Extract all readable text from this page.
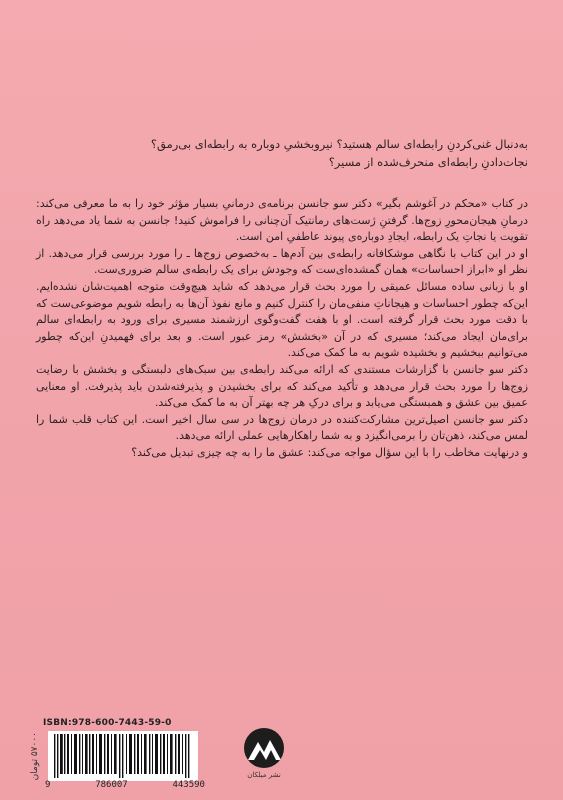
به‌دنبال غنی‌کردنِ رابطه‌ای سالم هستید؟ نیروبخشیِ دوباره به رابطه‌ای بی‌رمق؟
نجات‌دادنِ رابطه‌ای منحرف‌شده از مسیر؟

در کتاب «محکم در آغوشم بگیر» دکتر سو جانسن برنامه‌ی درمانیِ بسیار مؤثر خود را به ما معرفی می‌کند: درمانِ هیجان‌محورِ زوج‌ها. گرفتنِ ژست‌های رمانتیک آن‌چنانی را فراموش کنید! جانسن به شما یاد می‌دهد راه تقویت یا نجاتِ یک رابطه، ایجادِ دوباره‌ی پیوند عاطفیِ امن است.

او در این کتاب با نگاهی موشکافانه رابطه‌ی بین آدم‌ها ـ به‌خصوص زوج‌ها ـ را مورد بررسی قرار می‌دهد. از نظر او «ابراز احساسات» همان گمشده‌ای‌ست که وجودش برای یک رابطه‌ی سالم ضروری‌ست.

او با زبانی ساده مسائل عمیقی را مورد بحث قرار می‌دهد که شاید هیچ‌وقت متوجه اهمیت‌شان نشده‌ایم. این‌که چطور احساسات و هیجاناتِ منفی‌مان را کنترل کنیم و مانع نفوذ آن‌ها به رابطه شویم موضوعی‌ست که با دقت مورد بحث قرار گرفته است. او با هفت گفت‌وگوی ارزشمند مسیری برای ورود به رابطه‌ای سالم برای‌مان ایجاد می‌کند؛ مسیری که در آن «بخشش» رمز عبور است. و بعد برای فهمیدنِ این‌که چطور می‌توانیم ببخشیم و بخشیده شویم به ما کمک می‌کند.

دکتر سو جانسن با گزارشات مستندی که ارائه می‌کند رابطه‌ی بین سبک‌های دلبستگی و بخشش با رضایت زوج‌ها را مورد بحث قرار می‌دهد و تأکید می‌کند که برای بخشیدن و پذیرفته‌شدن باید پذیرفت. او معنایی عمیق بین عشق و همبستگی می‌یابد و برای درکِ هر چه بهتر آن به ما کمک می‌کند.

دکتر سو جانسن اصیل‌ترین مشارکت‌کننده در درمان زوج‌ها در سی سال اخیر است. این کتاب قلب شما را لمس می‌کند، ذهن‌تان را برمی‌انگیزد و به شما راهکارهایی عملی ارائه می‌دهد.

و درنهایت مخاطب را با این سؤال مواجه می‌کند: عشق ما را به چه چیزی تبدیل می‌کند؟

۵۷۰۰۰ تومان
ISBN:978-600-7443-59-0
9	786007	443590
نشر میلکان
